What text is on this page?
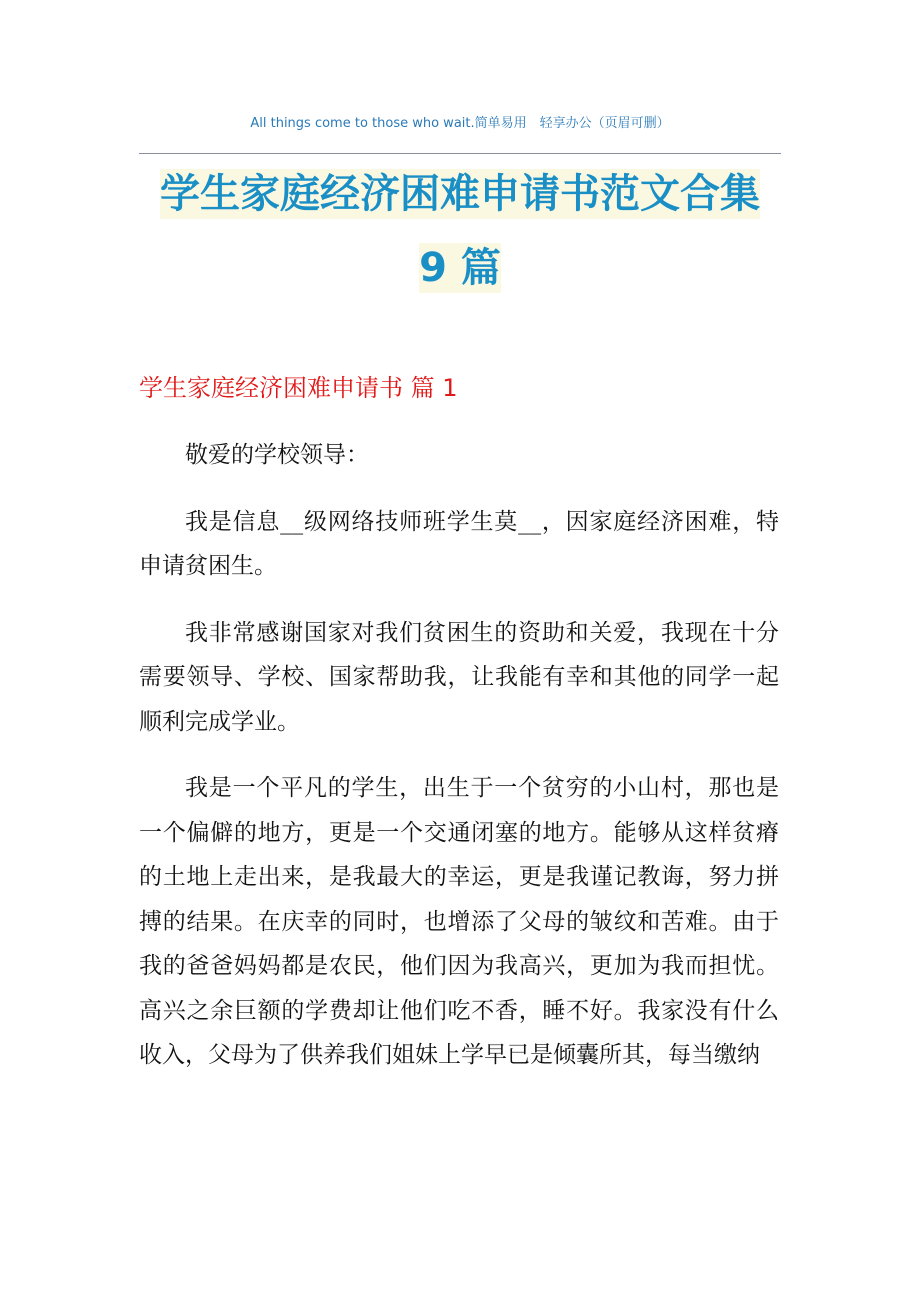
All things come to those who wait.简单易用　轻享办公（页眉可删）
学生家庭经济困难申请书范文合集
9 篇
学生家庭经济困难申请书 篇 1

敬爱的学校领导：

我是信息__级网络技师班学生莫__，因家庭经济困难，特申请贫困生。

我非常感谢国家对我们贫困生的资助和关爱，我现在十分需要领导、学校、国家帮助我，让我能有幸和其他的同学一起顺利完成学业。

我是一个平凡的学生，出生于一个贫穷的小山村，那也是一个偏僻的地方，更是一个交通闭塞的地方。能够从这样贫瘠的土地上走出来，是我最大的幸运，更是我谨记教诲，努力拼搏的结果。在庆幸的同时，也增添了父母的皱纹和苦难。由于我的爸爸妈妈都是农民，他们因为我高兴，更加为我而担忧。高兴之余巨额的学费却让他们吃不香，睡不好。我家没有什么收入，父母为了供养我们姐妹上学早已是倾囊所其，每当缴纳
